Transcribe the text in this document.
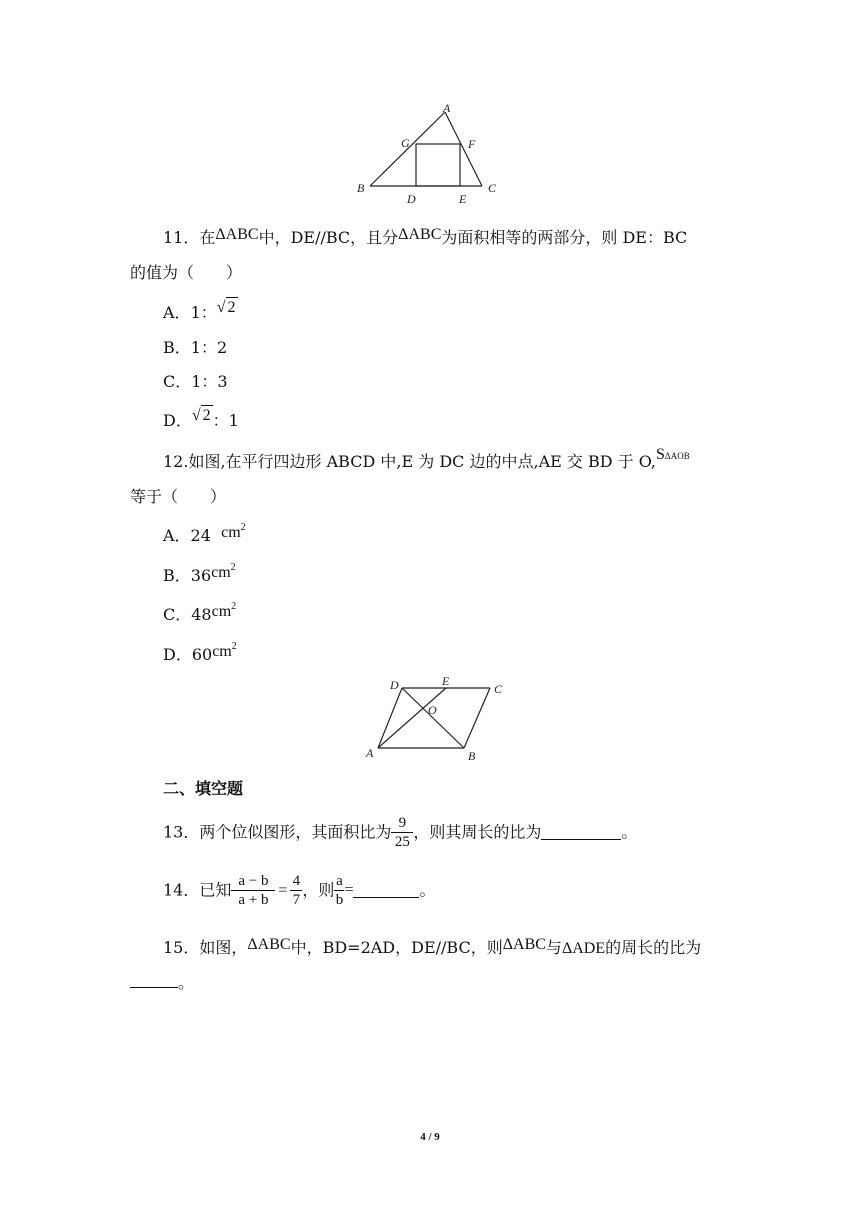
A
G	F
B
D	E
C
11．在ΔABC中，DE//BC，且分ΔABC为面积相等的两部分，则 DE：BC
的值为（　　）
A．1：√ 2
B．1：2
C．1：3
D．√ 2 ：1
12.如图,在平行四边形 ABCD 中,E 为 DC 边的中点,AE 交 BD 于 O,SΔAOB
等于（　　）
A．24 $cm^2$
B．$36cm^2$
C．$48cm^2$
D．$60cm^2$
D	E
C
O
A	B
二、填空题
13．两个位似图形，其面积比为 $\frac{9}{25}$ ，则其周长的比为	。
14．已知 $\frac{a - b}{a + b} = \frac{4}{7}$ ，则 $\frac{a}{b}$ =	。
15．如图，ΔABC中，BD=2AD，DE//BC，则ΔABC与ΔADE的周长的比为
。
4 / 9
